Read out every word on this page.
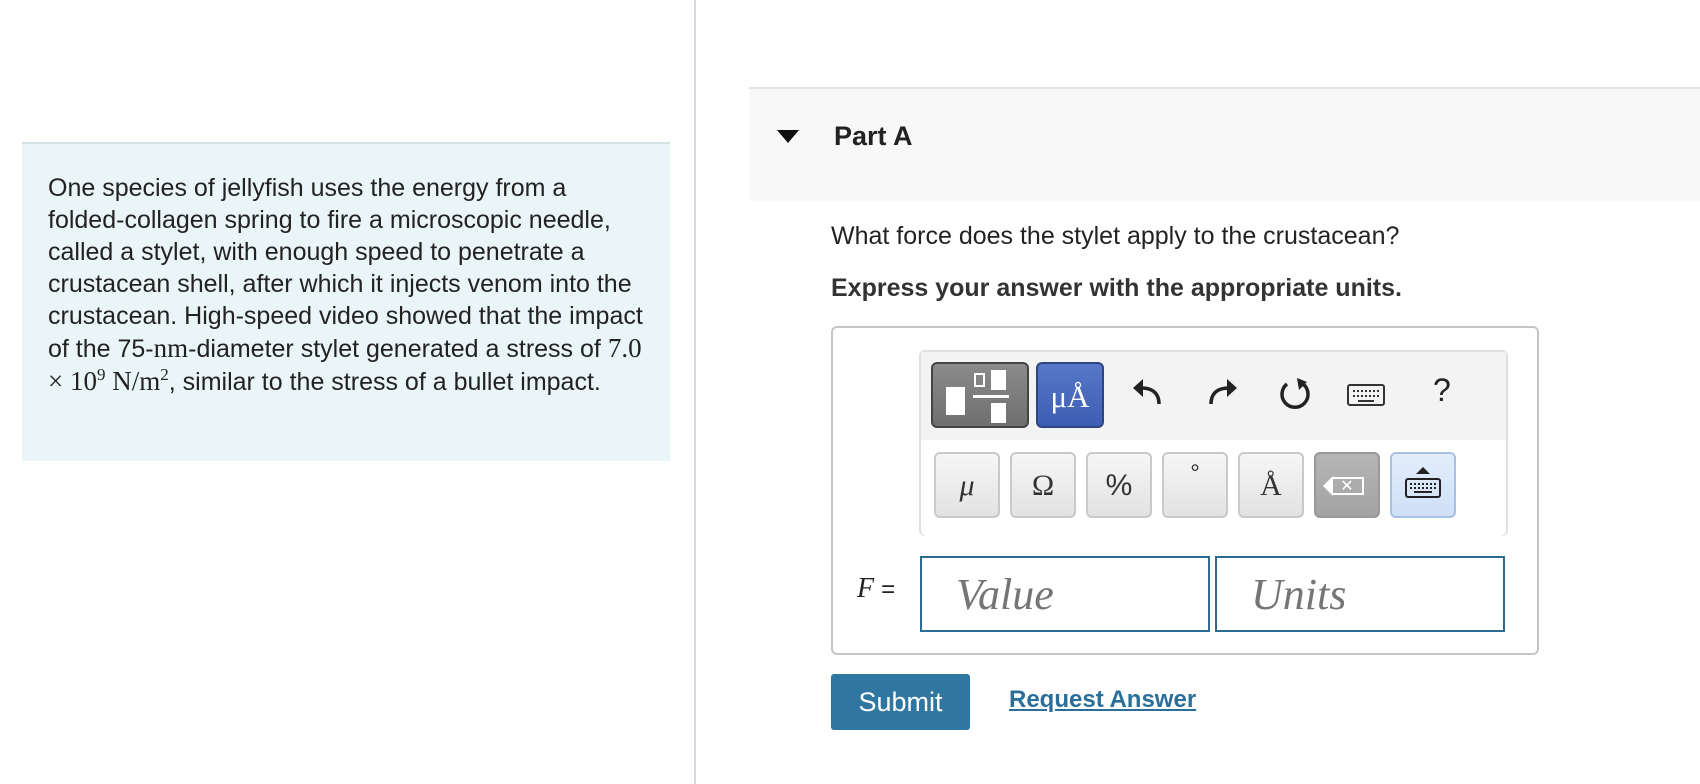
One species of jellyfish uses the energy from a folded-collagen spring to fire a microscopic needle, called a stylet, with enough speed to penetrate a crustacean shell, after which it injects venom into the crustacean. High-speed video showed that the impact of the 75-nm-diameter stylet generated a stress of $7.0 \times 10^9$ $N/m^2$, similar to the stress of a bullet impact.
Part A
What force does the stylet apply to the crustacean?
Express your answer with the appropriate units.
μÅ	?
μ	Ω	%	°	Å	✕
F =
Value
Units
Submit	Request Answer
